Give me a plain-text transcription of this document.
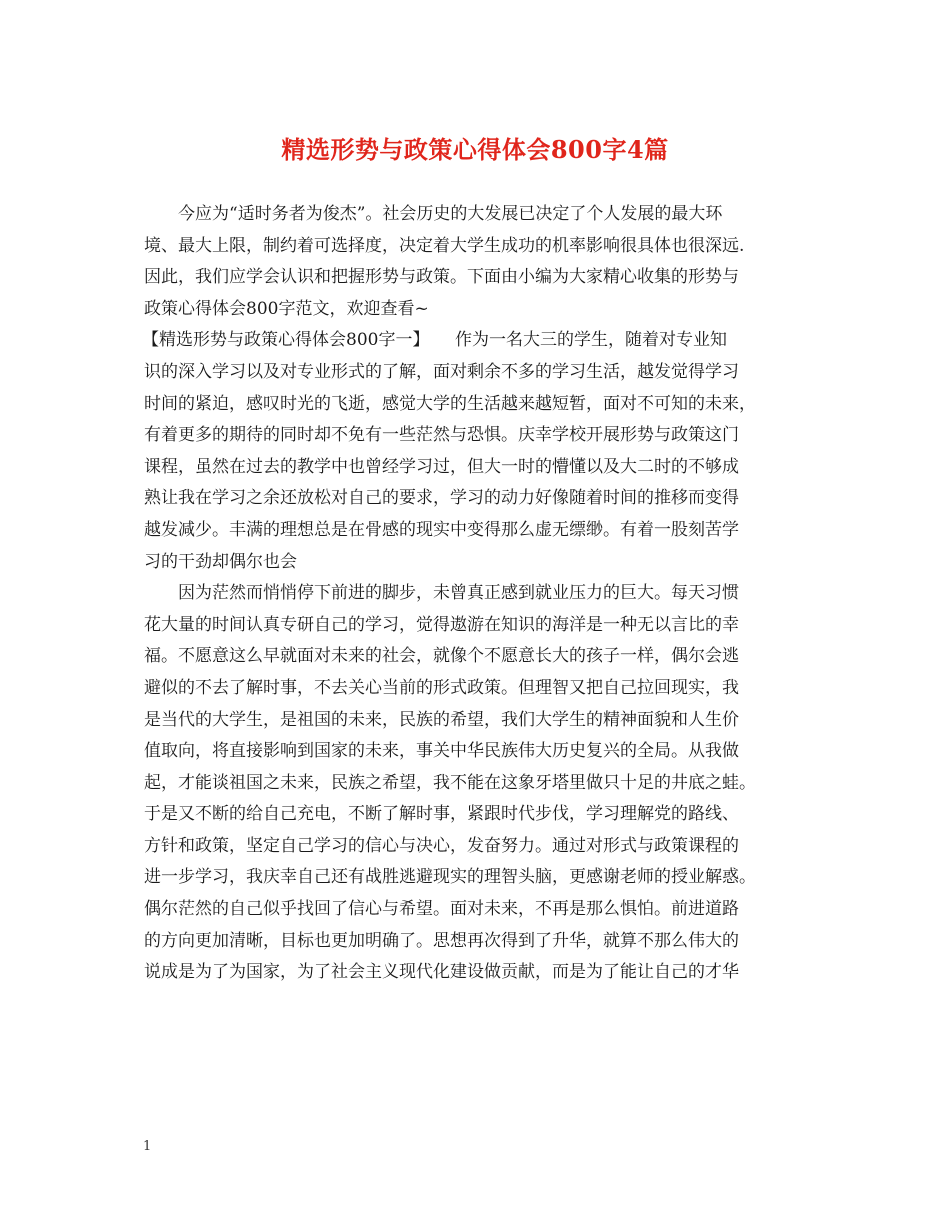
精选形势与政策心得体会800字4篇
今应为“适时务者为俊杰”。社会历史的大发展已决定了个人发展的最大环
境、最大上限，制约着可选择度，决定着大学生成功的机率影响很具体也很深远.
因此，我们应学会认识和把握形势与政策。下面由小编为大家精心收集的形势与
政策心得体会800字范文，欢迎查看~
【精选形势与政策心得体会800字一】　　作为一名大三的学生，随着对专业知
识的深入学习以及对专业形式的了解，面对剩余不多的学习生活，越发觉得学习
时间的紧迫，感叹时光的飞逝，感觉大学的生活越来越短暂，面对不可知的未来，
有着更多的期待的同时却不免有一些茫然与恐惧。庆幸学校开展形势与政策这门
课程，虽然在过去的教学中也曾经学习过，但大一时的懵懂以及大二时的不够成
熟让我在学习之余还放松对自己的要求，学习的动力好像随着时间的推移而变得
越发减少。丰满的理想总是在骨感的现实中变得那么虚无缥缈。有着一股刻苦学
习的干劲却偶尔也会
因为茫然而悄悄停下前进的脚步，未曾真正感到就业压力的巨大。每天习惯
花大量的时间认真专研自己的学习，觉得遨游在知识的海洋是一种无以言比的幸
福。不愿意这么早就面对未来的社会，就像个不愿意长大的孩子一样，偶尔会逃
避似的不去了解时事，不去关心当前的形式政策。但理智又把自己拉回现实，我
是当代的大学生，是祖国的未来，民族的希望，我们大学生的精神面貌和人生价
值取向，将直接影响到国家的未来，事关中华民族伟大历史复兴的全局。从我做
起，才能谈祖国之未来，民族之希望，我不能在这象牙塔里做只十足的井底之蛙。
于是又不断的给自己充电，不断了解时事，紧跟时代步伐，学习理解党的路线、
方针和政策，坚定自己学习的信心与决心，发奋努力。通过对形式与政策课程的
进一步学习，我庆幸自己还有战胜逃避现实的理智头脑，更感谢老师的授业解惑。
偶尔茫然的自己似乎找回了信心与希望。面对未来，不再是那么惧怕。前进道路
的方向更加清晰，目标也更加明确了。思想再次得到了升华，就算不那么伟大的
说成是为了为国家，为了社会主义现代化建设做贡献，而是为了能让自己的才华
1
